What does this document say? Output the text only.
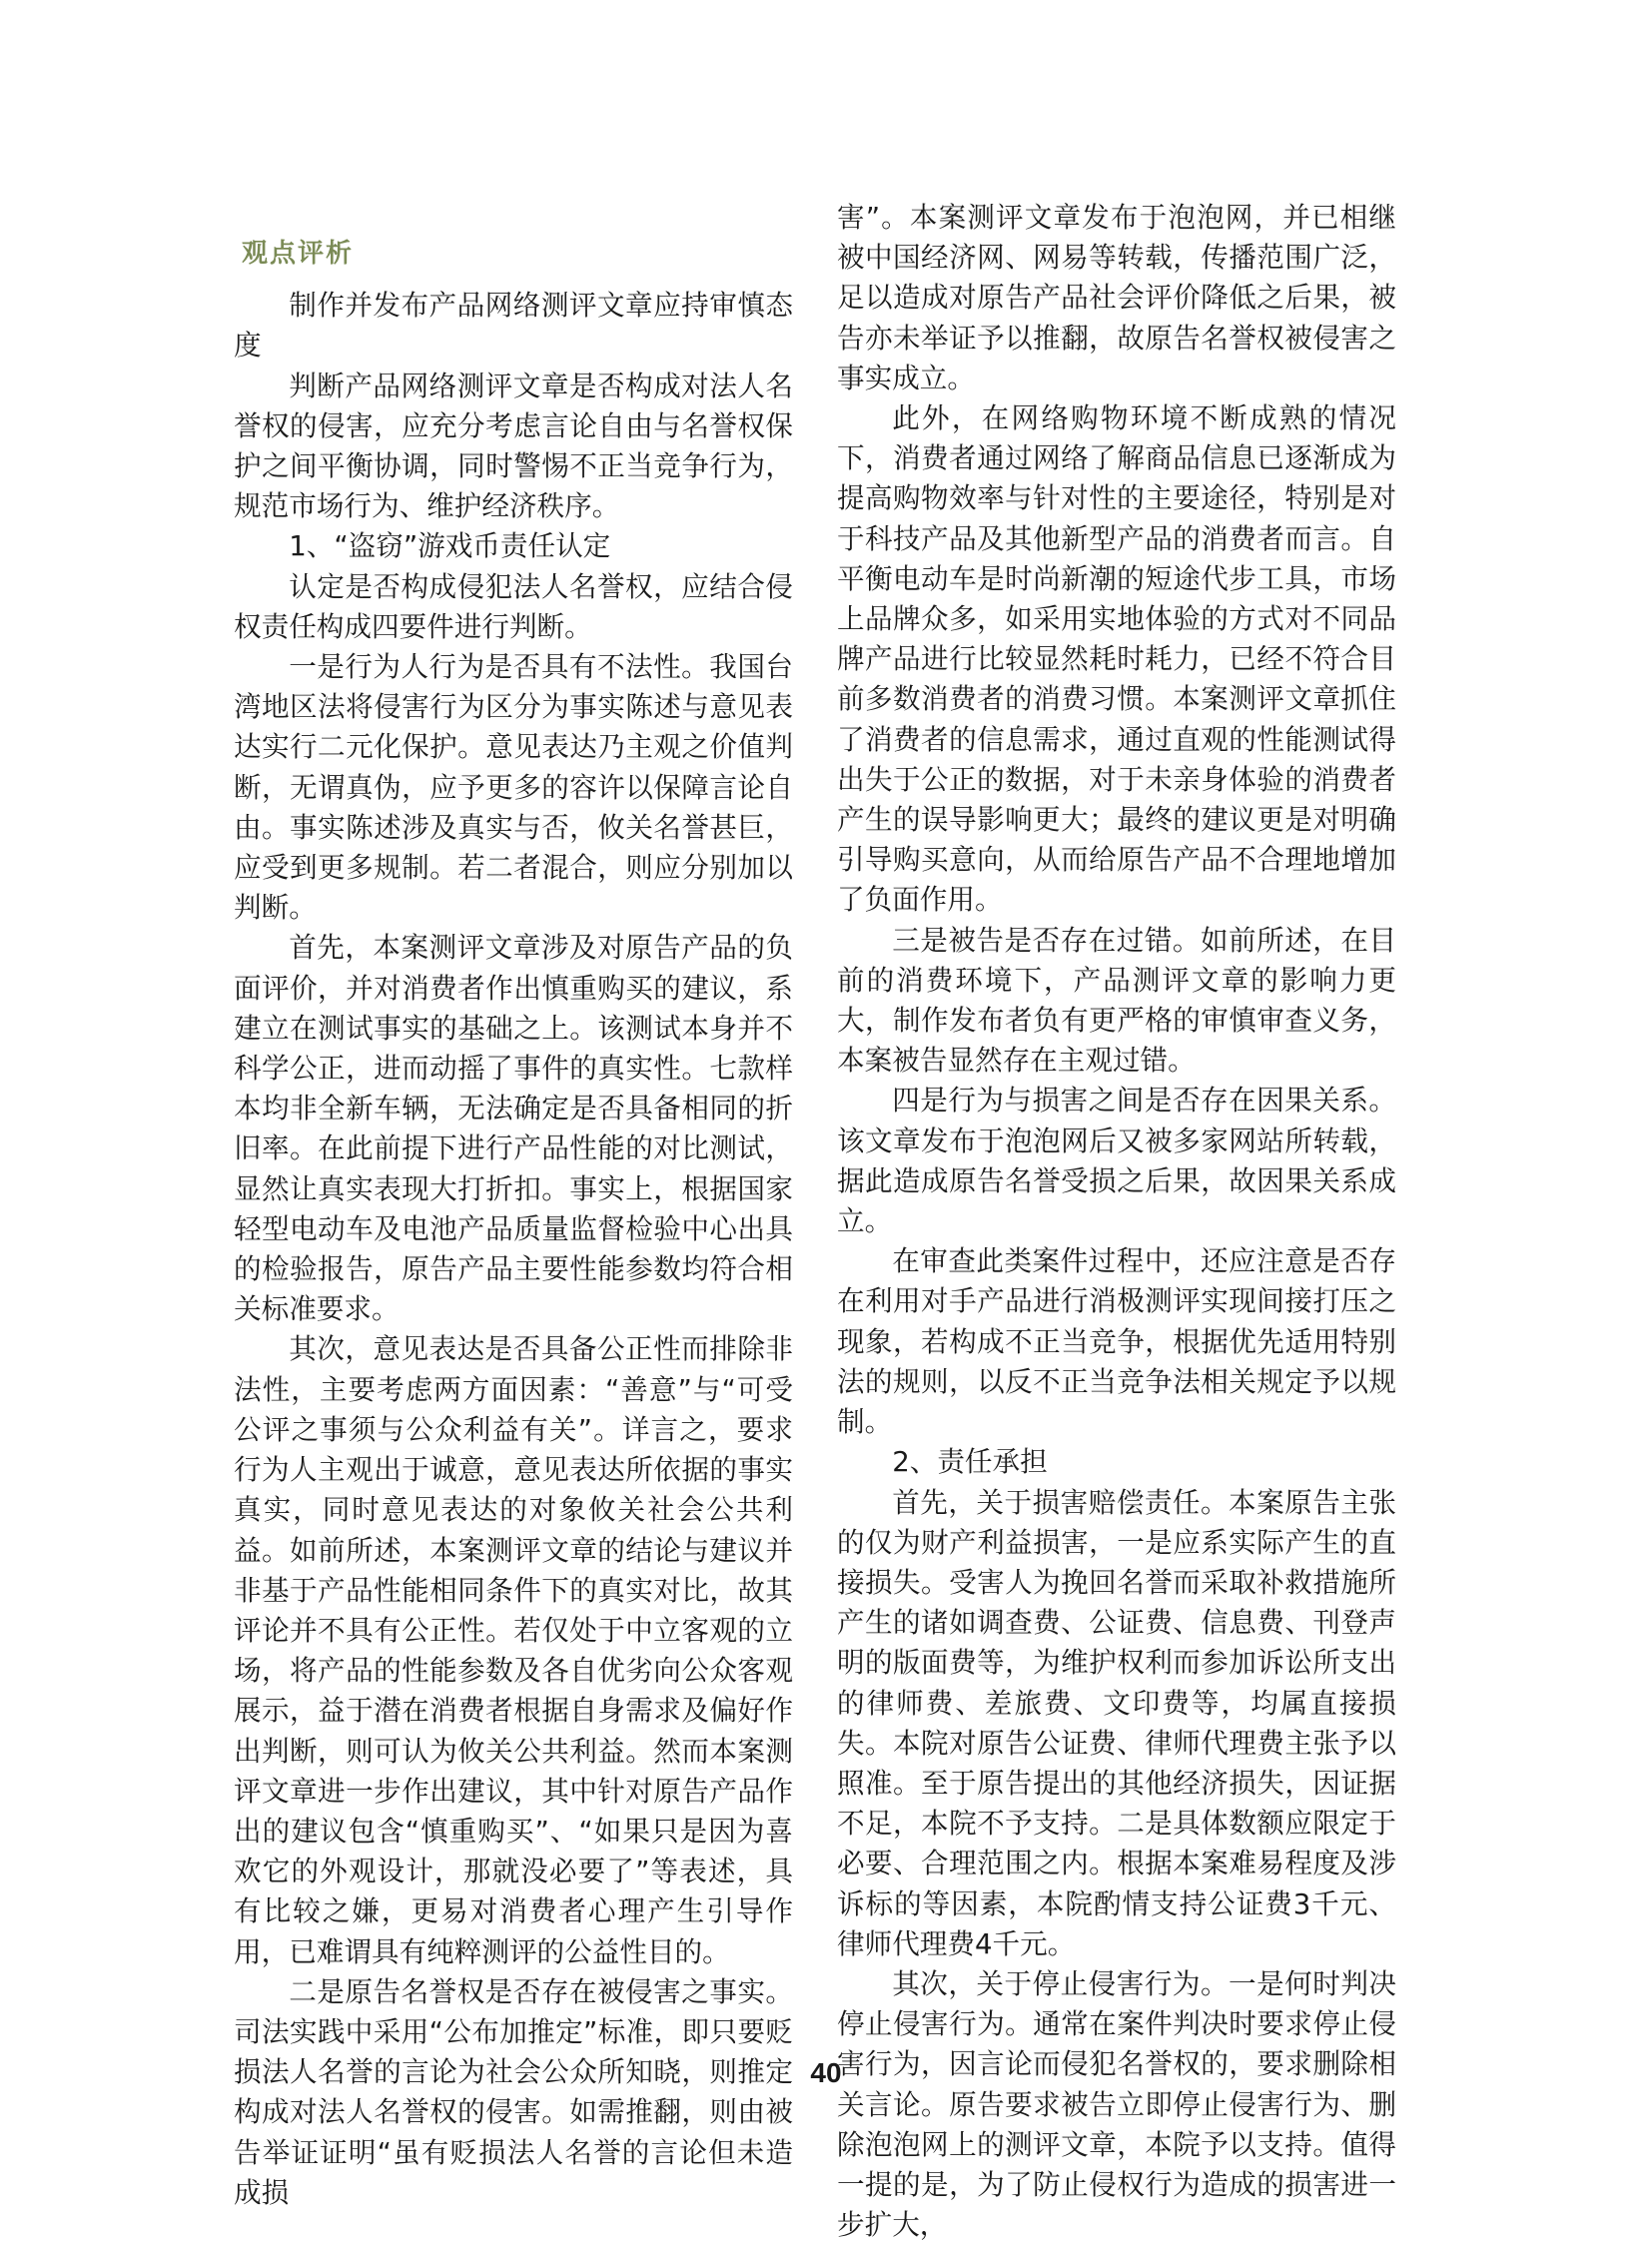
观点评析

制作并发布产品网络测评文章应持审慎态度

判断产品网络测评文章是否构成对法人名誉权的侵害，应充分考虑言论自由与名誉权保护之间平衡协调，同时警惕不正当竞争行为，规范市场行为、维护经济秩序。

1、“盗窃”游戏币责任认定

认定是否构成侵犯法人名誉权，应结合侵权责任构成四要件进行判断。

一是行为人行为是否具有不法性。我国台湾地区法将侵害行为区分为事实陈述与意见表达实行二元化保护。意见表达乃主观之价值判断，无谓真伪，应予更多的容许以保障言论自由。事实陈述涉及真实与否，攸关名誉甚巨，应受到更多规制。若二者混合，则应分别加以判断。

首先，本案测评文章涉及对原告产品的负面评价，并对消费者作出慎重购买的建议，系建立在测试事实的基础之上。该测试本身并不科学公正，进而动摇了事件的真实性。七款样本均非全新车辆，无法确定是否具备相同的折旧率。在此前提下进行产品性能的对比测试，显然让真实表现大打折扣。事实上，根据国家轻型电动车及电池产品质量监督检验中心出具的检验报告，原告产品主要性能参数均符合相关标准要求。

其次，意见表达是否具备公正性而排除非法性，主要考虑两方面因素：“善意”与“可受公评之事须与公众利益有关”。详言之，要求行为人主观出于诚意，意见表达所依据的事实真实，同时意见表达的对象攸关社会公共利益。如前所述，本案测评文章的结论与建议并非基于产品性能相同条件下的真实对比，故其评论并不具有公正性。若仅处于中立客观的立场，将产品的性能参数及各自优劣向公众客观展示，益于潜在消费者根据自身需求及偏好作出判断，则可认为攸关公共利益。然而本案测评文章进一步作出建议，其中针对原告产品作出的建议包含“慎重购买”、“如果只是因为喜欢它的外观设计，那就没必要了”等表述，具有比较之嫌，更易对消费者心理产生引导作用，已难谓具有纯粹测评的公益性目的。

二是原告名誉权是否存在被侵害之事实。司法实践中采用“公布加推定”标准，即只要贬损法人名誉的言论为社会公众所知晓，则推定构成对法人名誉权的侵害。如需推翻，则由被告举证证明“虽有贬损法人名誉的言论但未造成损

害”。本案测评文章发布于泡泡网，并已相继被中国经济网、网易等转载，传播范围广泛，足以造成对原告产品社会评价降低之后果，被告亦未举证予以推翻，故原告名誉权被侵害之事实成立。

此外，在网络购物环境不断成熟的情况下，消费者通过网络了解商品信息已逐渐成为提高购物效率与针对性的主要途径，特别是对于科技产品及其他新型产品的消费者而言。自平衡电动车是时尚新潮的短途代步工具，市场上品牌众多，如采用实地体验的方式对不同品牌产品进行比较显然耗时耗力，已经不符合目前多数消费者的消费习惯。本案测评文章抓住了消费者的信息需求，通过直观的性能测试得出失于公正的数据，对于未亲身体验的消费者产生的误导影响更大；最终的建议更是对明确引导购买意向，从而给原告产品不合理地增加了负面作用。

三是被告是否存在过错。如前所述，在目前的消费环境下，产品测评文章的影响力更大，制作发布者负有更严格的审慎审查义务，本案被告显然存在主观过错。

四是行为与损害之间是否存在因果关系。该文章发布于泡泡网后又被多家网站所转载，据此造成原告名誉受损之后果，故因果关系成立。

在审查此类案件过程中，还应注意是否存在利用对手产品进行消极测评实现间接打压之现象，若构成不正当竞争，根据优先适用特别法的规则，以反不正当竞争法相关规定予以规制。

2、责任承担

首先，关于损害赔偿责任。本案原告主张的仅为财产利益损害，一是应系实际产生的直接损失。受害人为挽回名誉而采取补救措施所产生的诸如调查费、公证费、信息费、刊登声明的版面费等，为维护权利而参加诉讼所支出的律师费、差旅费、文印费等，均属直接损失。本院对原告公证费、律师代理费主张予以照准。至于原告提出的其他经济损失，因证据不足，本院不予支持。二是具体数额应限定于必要、合理范围之内。根据本案难易程度及涉诉标的等因素，本院酌情支持公证费3千元、律师代理费4千元。

其次，关于停止侵害行为。一是何时判决停止侵害行为。通常在案件判决时要求停止侵害行为，因言论而侵犯名誉权的，要求删除相关言论。原告要求被告立即停止侵害行为、删除泡泡网上的测评文章，本院予以支持。值得一提的是，为了防止侵权行为造成的损害进一步扩大，

40
